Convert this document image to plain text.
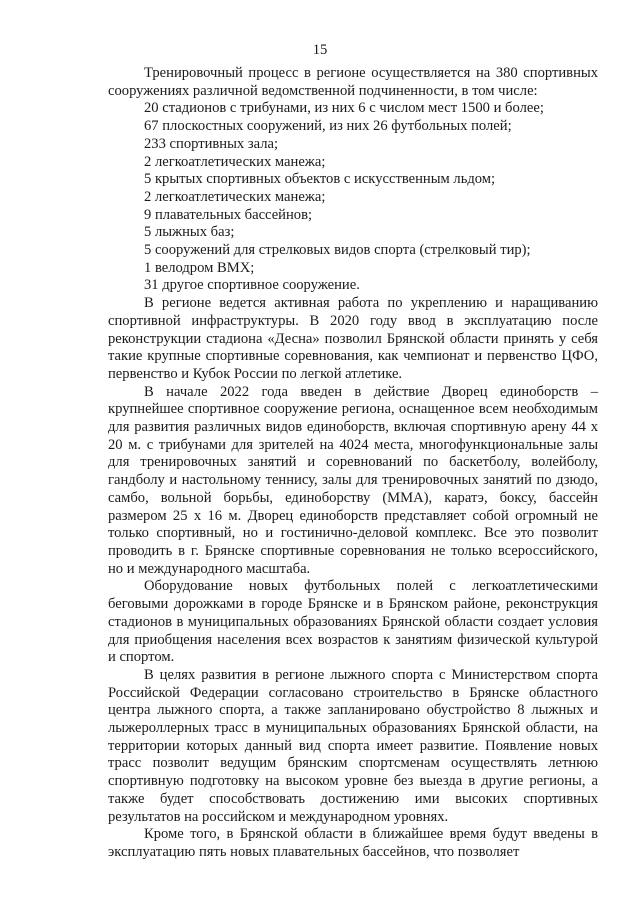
15

Тренировочный процесс в регионе осуществляется на 380 спортивных сооружениях различной ведомственной подчиненности, в том числе:

20 стадионов с трибунами, из них 6 с числом мест 1500 и более;
67 плоскостных сооружений, из них 26 футбольных полей;
233 спортивных зала;
2 легкоатлетических манежа;
5 крытых спортивных объектов с искусственным льдом;
2 легкоатлетических манежа;
9 плавательных бассейнов;
5 лыжных баз;
5 сооружений для стрелковых видов спорта (стрелковый тир);
1 велодром BMX;
31 другое спортивное сооружение.

В регионе ведется активная работа по укреплению и наращиванию спортивной инфраструктуры. В 2020 году ввод в эксплуатацию после реконструкции стадиона «Десна» позволил Брянской области принять у себя такие крупные спортивные соревнования, как чемпионат и первенство ЦФО, первенство и Кубок России по легкой атлетике.

В начале 2022 года введен в действие Дворец единоборств – крупнейшее спортивное сооружение региона, оснащенное всем необходимым для развития различных видов единоборств, включая спортивную арену 44 х 20 м. с трибунами для зрителей на 4024 места, многофункциональные залы для тренировочных занятий и соревнований по баскетболу, волейболу, гандболу и настольному теннису, залы для тренировочных занятий по дзюдо, самбо, вольной борьбы, единоборству (ММА), каратэ, боксу, бассейн размером 25 х 16 м. Дворец единоборств представляет собой огромный не только спортивный, но и гостинично-деловой комплекс. Все это позволит проводить в г. Брянске спортивные соревнования не только всероссийского, но и международного масштаба.

Оборудование новых футбольных полей с легкоатлетическими беговыми дорожками в городе Брянске и в Брянском районе, реконструкция стадионов в муниципальных образованиях Брянской области создает условия для приобщения населения всех возрастов к занятиям физической культурой и спортом.

В целях развития в регионе лыжного спорта с Министерством спорта Российской Федерации согласовано строительство в Брянске областного центра лыжного спорта, а также запланировано обустройство 8 лыжных и лыжероллерных трасс в муниципальных образованиях Брянской области, на территории которых данный вид спорта имеет развитие. Появление новых трасс позволит ведущим брянским спортсменам осуществлять летнюю спортивную подготовку на высоком уровне без выезда в другие регионы, а также будет способствовать достижению ими высоких спортивных результатов на российском и международном уровнях.

Кроме того, в Брянской области в ближайшее время будут введены в эксплуатацию пять новых плавательных бассейнов, что позволяет
